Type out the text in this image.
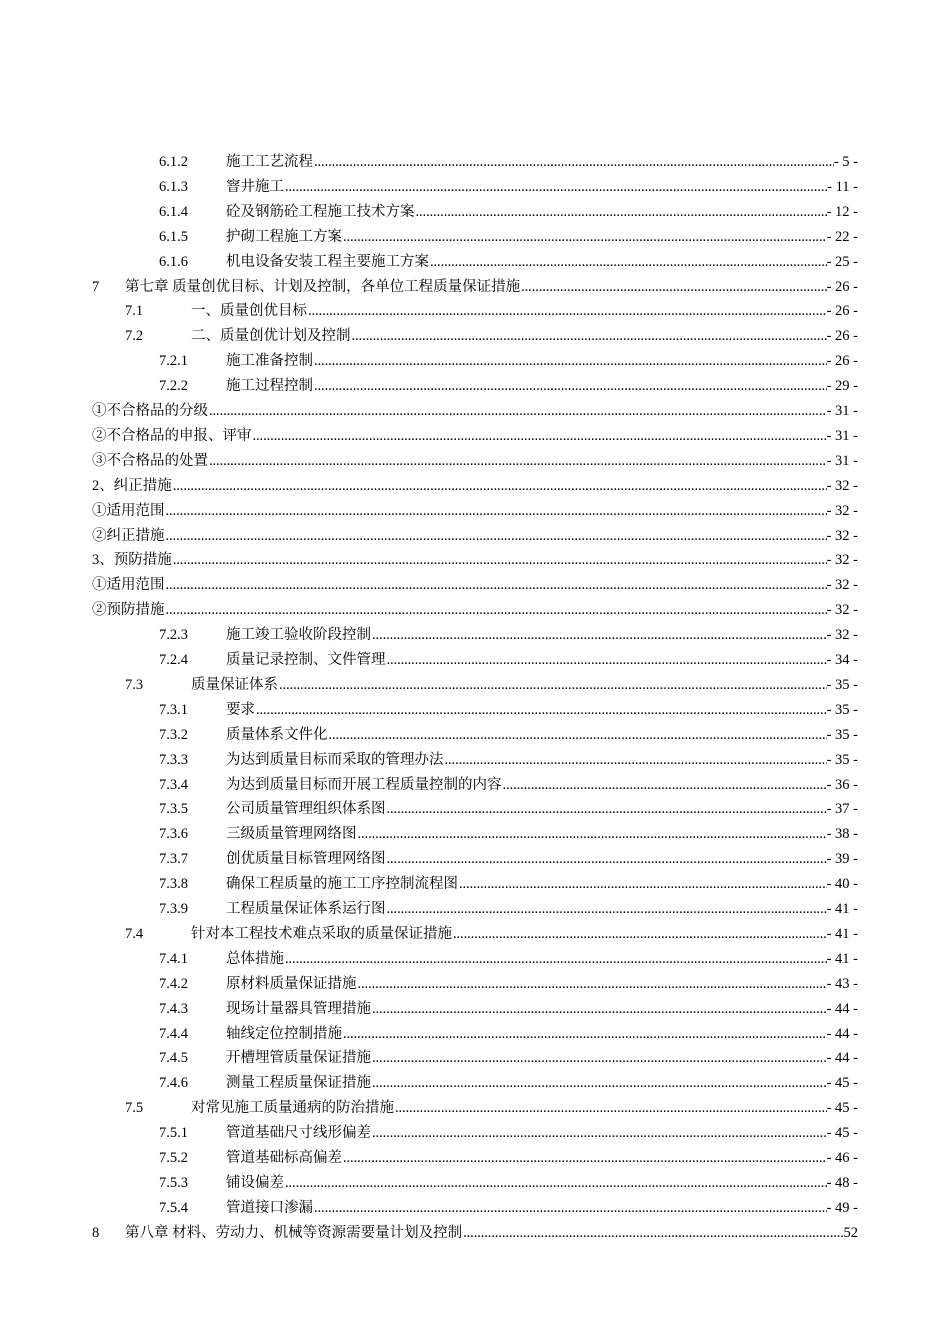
6.1.2	施工工艺流程 .....	- 5 -
6.1.3	窨井施工 .....	- 11 -
6.1.4	砼及钢筋砼工程施工技术方案 .....	- 12 -
6.1.5	护砌工程施工方案 .....	- 22 -
6.1.6	机电设备安装工程主要施工方案 .....	- 25 -
7 第七章 质量创优目标、计划及控制，各单位工程质量保证措施 .....	- 26 -
7.1	一、质量创优目标 .....	- 26 -
7.2	二、质量创优计划及控制 .....	- 26 -
7.2.1	施工准备控制 .....	- 26 -
7.2.2	施工过程控制 .....	- 29 -
①不合格品的分级 .....	- 31 -
②不合格品的申报、评审 .....	- 31 -
③不合格品的处置 .....	- 31 -
2、纠正措施 .....	- 32 -
①适用范围 .....	- 32 -
②纠正措施 .....	- 32 -
3、预防措施 .....	- 32 -
①适用范围 .....	- 32 -
②预防措施 .....	- 32 -
7.2.3	施工竣工验收阶段控制 .....	- 32 -
7.2.4	质量记录控制、文件管理 .....	- 34 -
7.3	质量保证体系 .....	- 35 -
7.3.1	要求 .....	- 35 -
7.3.2	质量体系文件化 .....	- 35 -
7.3.3	为达到质量目标而采取的管理办法 .....	- 35 -
7.3.4	为达到质量目标而开展工程质量控制的内容 .....	- 36 -
7.3.5	公司质量管理组织体系图 .....	- 37 -
7.3.6	三级质量管理网络图 .....	- 38 -
7.3.7	创优质量目标管理网络图 .....	- 39 -
7.3.8	确保工程质量的施工工序控制流程图 .....	- 40 -
7.3.9	工程质量保证体系运行图 .....	- 41 -
7.4	针对本工程技术难点采取的质量保证措施 .....	- 41 -
7.4.1	总体措施 .....	- 41 -
7.4.2	原材料质量保证措施 .....	- 43 -
7.4.3	现场计量器具管理措施 .....	- 44 -
7.4.4	轴线定位控制措施 .....	- 44 -
7.4.5	开槽埋管质量保证措施 .....	- 44 -
7.4.6	测量工程质量保证措施 .....	- 45 -
7.5	对常见施工质量通病的防治措施 .....	- 45 -
7.5.1	管道基础尺寸线形偏差 .....	- 45 -
7.5.2	管道基础标高偏差 .....	- 46 -
7.5.3	铺设偏差 .....	- 48 -
7.5.4	管道接口渗漏 .....	- 49 -
8 第八章 材料、劳动力、机械等资源需要量计划及控制 .....	52
